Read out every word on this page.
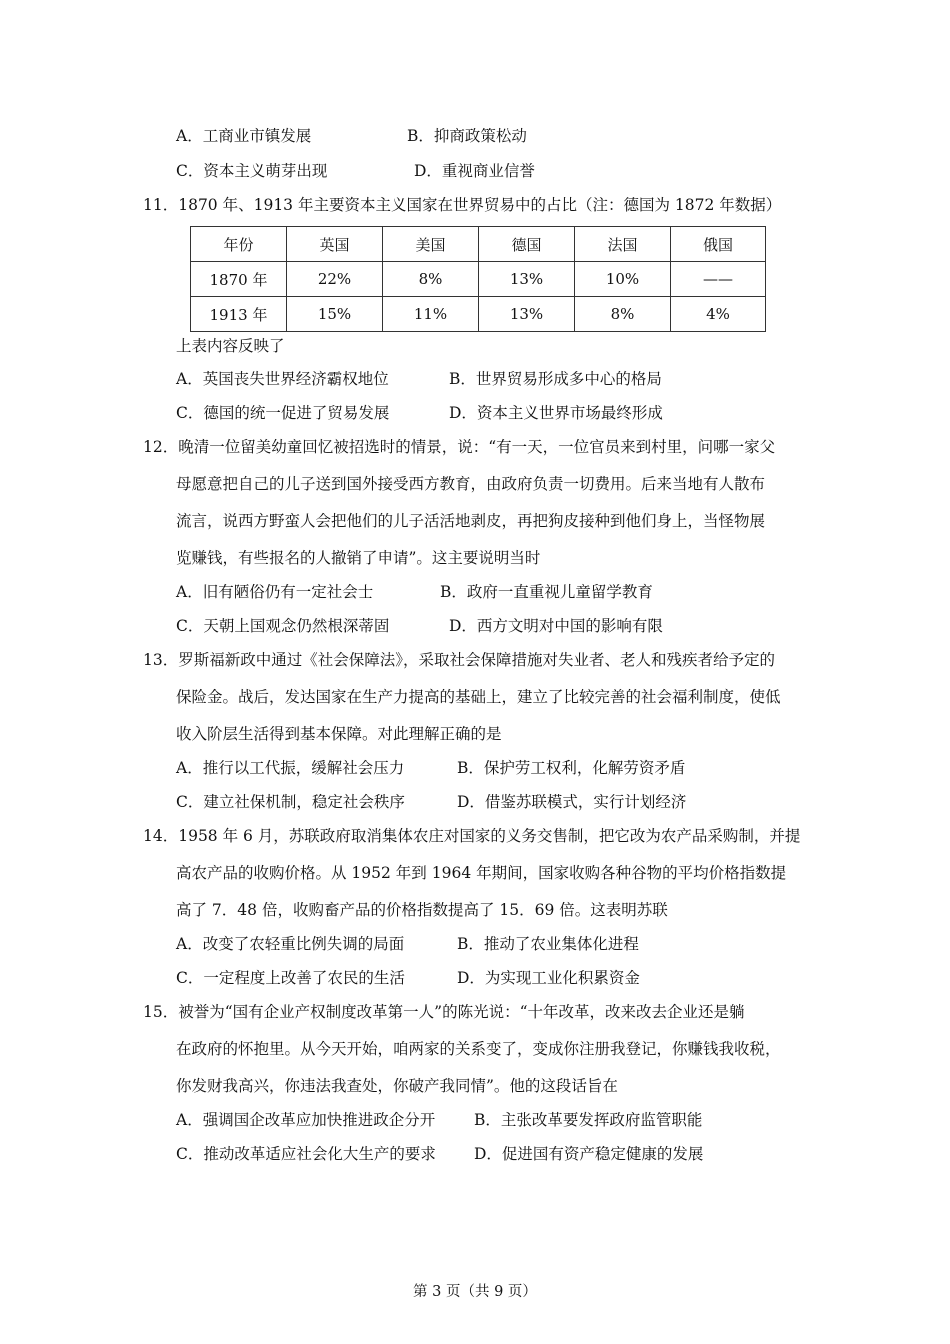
A．工商业市镇发展	B．抑商政策松动
C．资本主义萌芽出现	D．重视商业信誉
11．1870 年、1913 年主要资本主义国家在世界贸易中的占比（注：德国为 1872 年数据）
年份	英国	美国	德国	法国	俄国
1870 年	22%	8%	13%	10%	——
1913 年	15%	11%	13%	8%	4%
上表内容反映了
A．英国丧失世界经济霸权地位	B．世界贸易形成多中心的格局
C．德国的统一促进了贸易发展	D．资本主义世界市场最终形成
12．晚清一位留美幼童回忆被招选时的情景，说：“有一天，一位官员来到村里，问哪一家父
母愿意把自己的儿子送到国外接受西方教育，由政府负责一切费用。后来当地有人散布
流言，说西方野蛮人会把他们的儿子活活地剥皮，再把狗皮接种到他们身上，当怪物展
览赚钱，有些报名的人撤销了申请”。这主要说明当时
A．旧有陋俗仍有一定社会士	B．政府一直重视儿童留学教育
C．天朝上国观念仍然根深蒂固	D．西方文明对中国的影响有限
13．罗斯福新政中通过《社会保障法》，采取社会保障措施对失业者、老人和残疾者给予定的
保险金。战后，发达国家在生产力提高的基础上，建立了比较完善的社会福利制度，使低
收入阶层生活得到基本保障。对此理解正确的是
A．推行以工代振，缓解社会压力	B．保护劳工权利，化解劳资矛盾
C．建立社保机制，稳定社会秩序	D．借鉴苏联模式，实行计划经济
14．1958 年 6 月，苏联政府取消集体农庄对国家的义务交售制，把它改为农产品采购制，并提
高农产品的收购价格。从 1952 年到 1964 年期间，国家收购各种谷物的平均价格指数提
高了 7．48 倍，收购畜产品的价格指数提高了 15．69 倍。这表明苏联
A．改变了农轻重比例失调的局面	B．推动了农业集体化进程
C．一定程度上改善了农民的生活	D．为实现工业化积累资金
15．被誉为“国有企业产权制度改革第一人”的陈光说：“十年改革，改来改去企业还是躺
在政府的怀抱里。从今天开始，咱两家的关系变了，变成你注册我登记，你赚钱我收税，
你发财我高兴，你违法我查处，你破产我同情”。他的这段话旨在
A．强调国企改革应加快推进政企分开	B．主张改革要发挥政府监管职能
C．推动改革适应社会化大生产的要求 D．促进国有资产稳定健康的发展
第 3 页（共 9 页）
